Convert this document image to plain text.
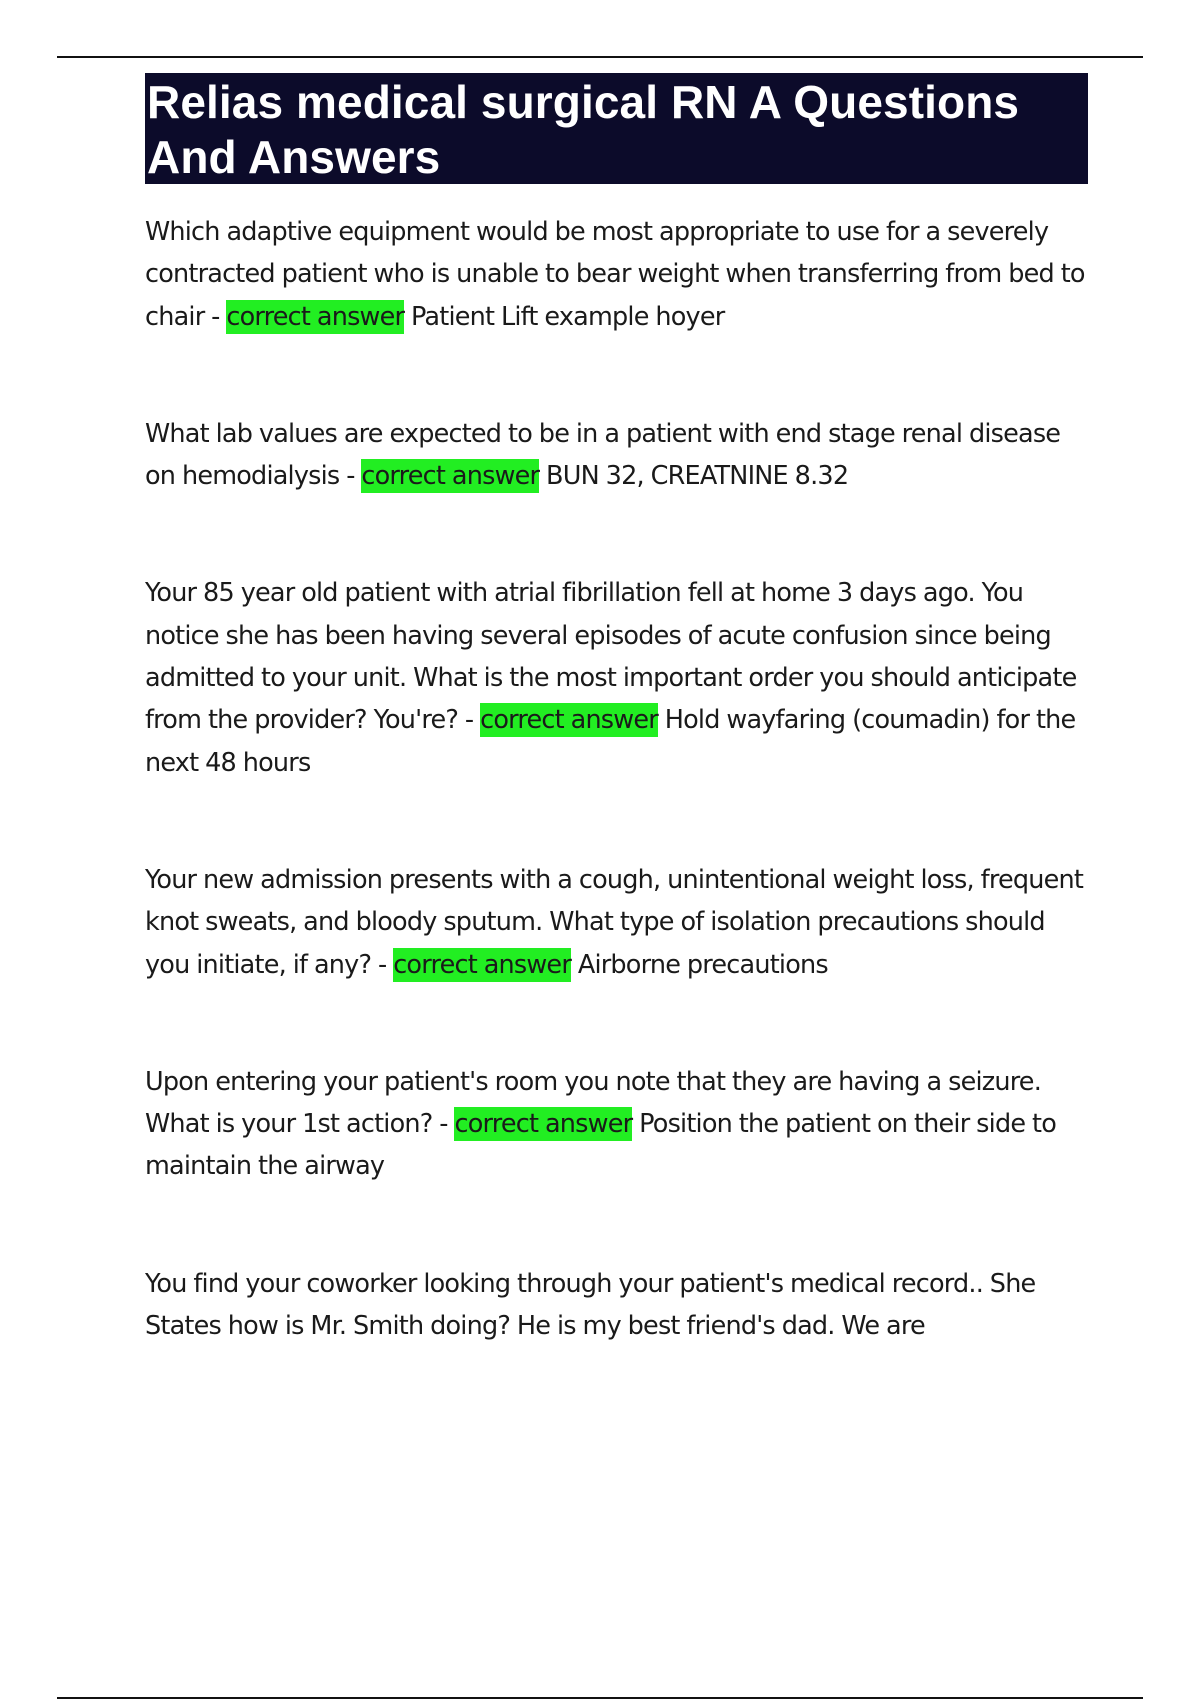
Relias medical surgical RN A Questions And Answers

Which adaptive equipment would be most appropriate to use for a severely contracted patient who is unable to bear weight when transferring from bed to chair - correct answer Patient Lift example hoyer

What lab values are expected to be in a patient with end stage renal disease on hemodialysis - correct answer BUN 32, CREATNINE 8.32

Your 85 year old patient with atrial fibrillation fell at home 3 days ago. You notice she has been having several episodes of acute confusion since being admitted to your unit. What is the most important order you should anticipate from the provider? You're? - correct answer Hold wayfaring (coumadin) for the next 48 hours

Your new admission presents with a cough, unintentional weight loss, frequent knot sweats, and bloody sputum. What type of isolation precautions should you initiate, if any? - correct answer Airborne precautions

Upon entering your patient's room you note that they are having a seizure. What is your 1st action? - correct answer Position the patient on their side to maintain the airway

You find your coworker looking through your patient's medical record.. She States how is Mr. Smith doing? He is my best friend's dad. We are
